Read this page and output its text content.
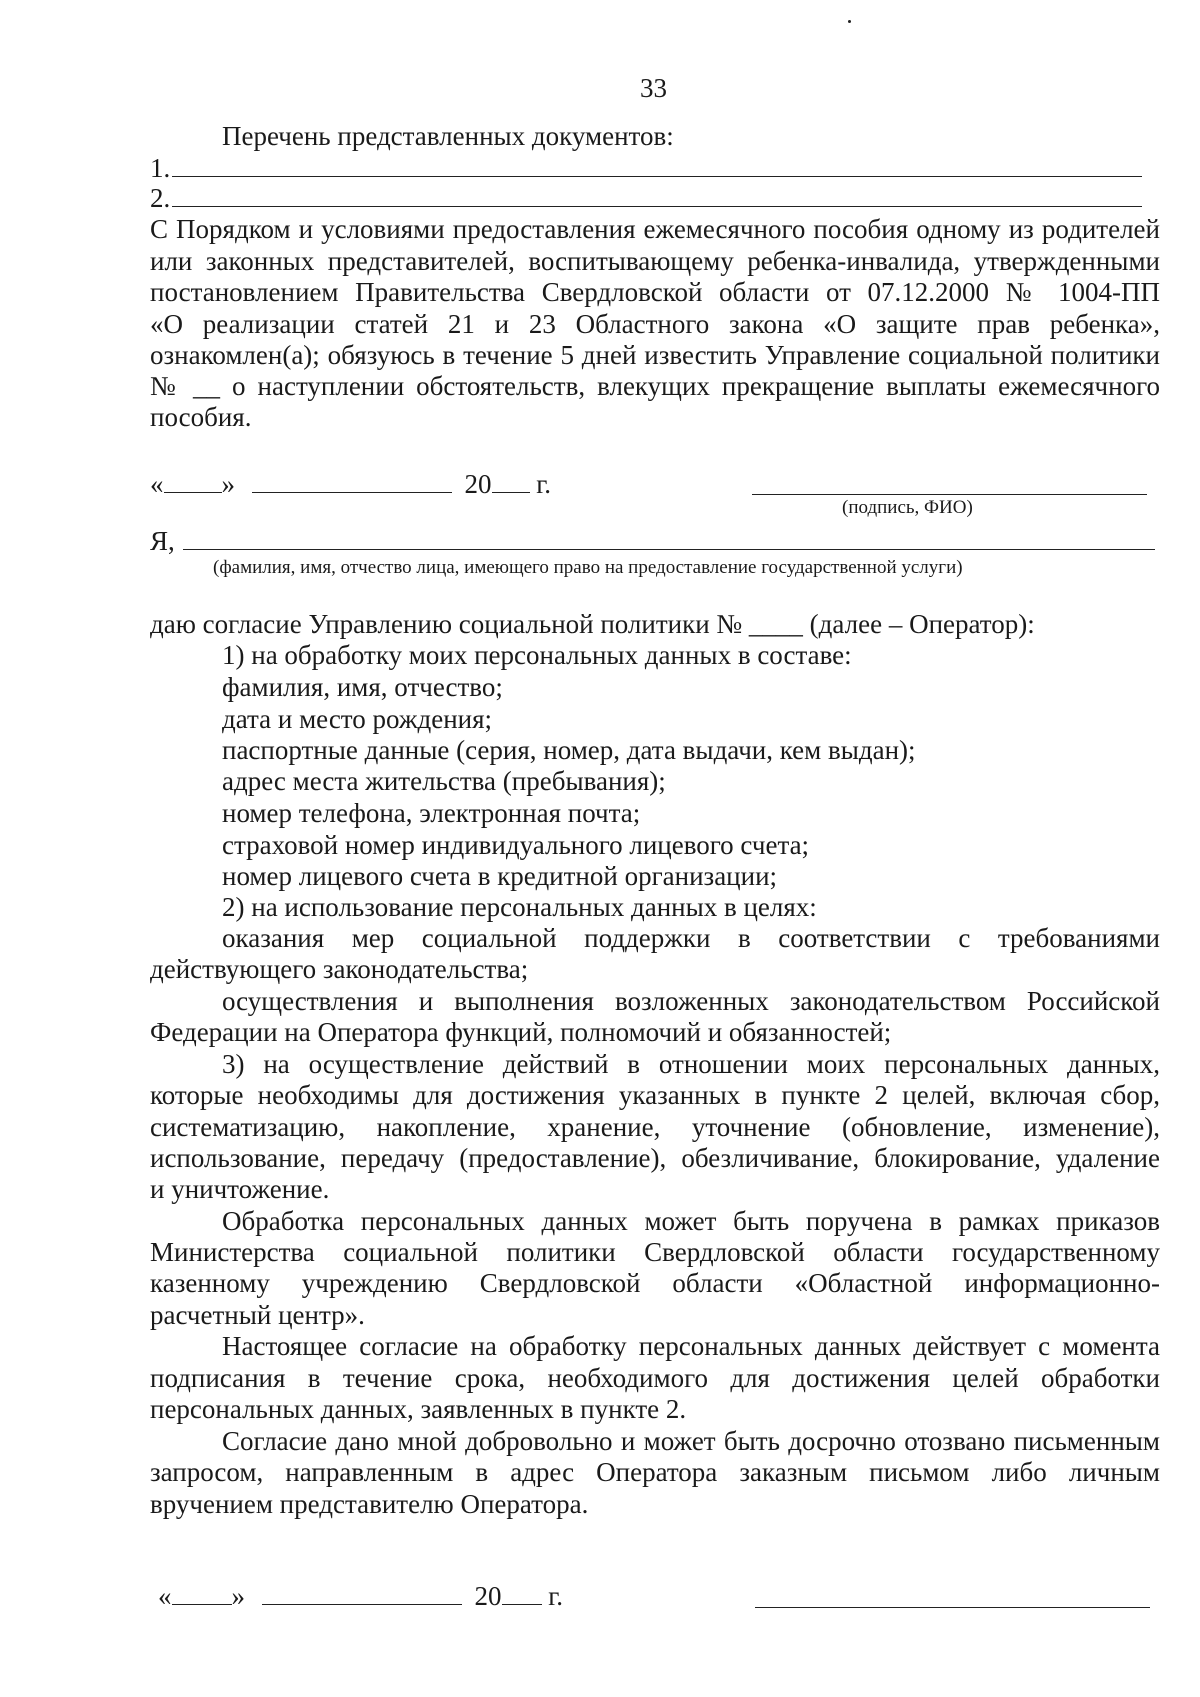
33
Перечень представленных документов:
1.
2.
С Порядком и условиями предоставления ежемесячного пособия одному из родителей
или законных представителей, воспитывающему ребенка-инвалида, утвержденными
постановлением Правительства Свердловской области от 07.12.2000 № 1004-ПП
«О реализации статей 21 и 23 Областного закона «О защите прав ребенка»,
ознакомлен(а); обязуюсь в течение 5 дней известить Управление социальной политики
№ __ о наступлении обстоятельств, влекущих прекращение выплаты ежемесячного
пособия.
« »	20 г.
(подпись, ФИО)
Я,
(фамилия, имя, отчество лица, имеющего право на предоставление государственной услуги)
даю согласие Управлению социальной политики № ____ (далее – Оператор):
1) на обработку моих персональных данных в составе:
фамилия, имя, отчество;
дата и место рождения;
паспортные данные (серия, номер, дата выдачи, кем выдан);
адрес места жительства (пребывания);
номер телефона, электронная почта;
страховой номер индивидуального лицевого счета;
номер лицевого счета в кредитной организации;
2) на использование персональных данных в целях:
оказания мер социальной поддержки в соответствии с требованиями
действующего законодательства;
осуществления и выполнения возложенных законодательством Российской
Федерации на Оператора функций, полномочий и обязанностей;
3) на осуществление действий в отношении моих персональных данных,
которые необходимы для достижения указанных в пункте 2 целей, включая сбор,
систематизацию, накопление, хранение, уточнение (обновление, изменение),
использование, передачу (предоставление), обезличивание, блокирование, удаление
и уничтожение.
Обработка персональных данных может быть поручена в рамках приказов
Министерства социальной политики Свердловской области государственному
казенному учреждению Свердловской области «Областной информационно-
расчетный центр».
Настоящее согласие на обработку персональных данных действует с момента
подписания в течение срока, необходимого для достижения целей обработки
персональных данных, заявленных в пункте 2.
Согласие дано мной добровольно и может быть досрочно отозвано письменным
запросом, направленным в адрес Оператора заказным письмом либо личным
вручением представителю Оператора.
« »	20 г.
